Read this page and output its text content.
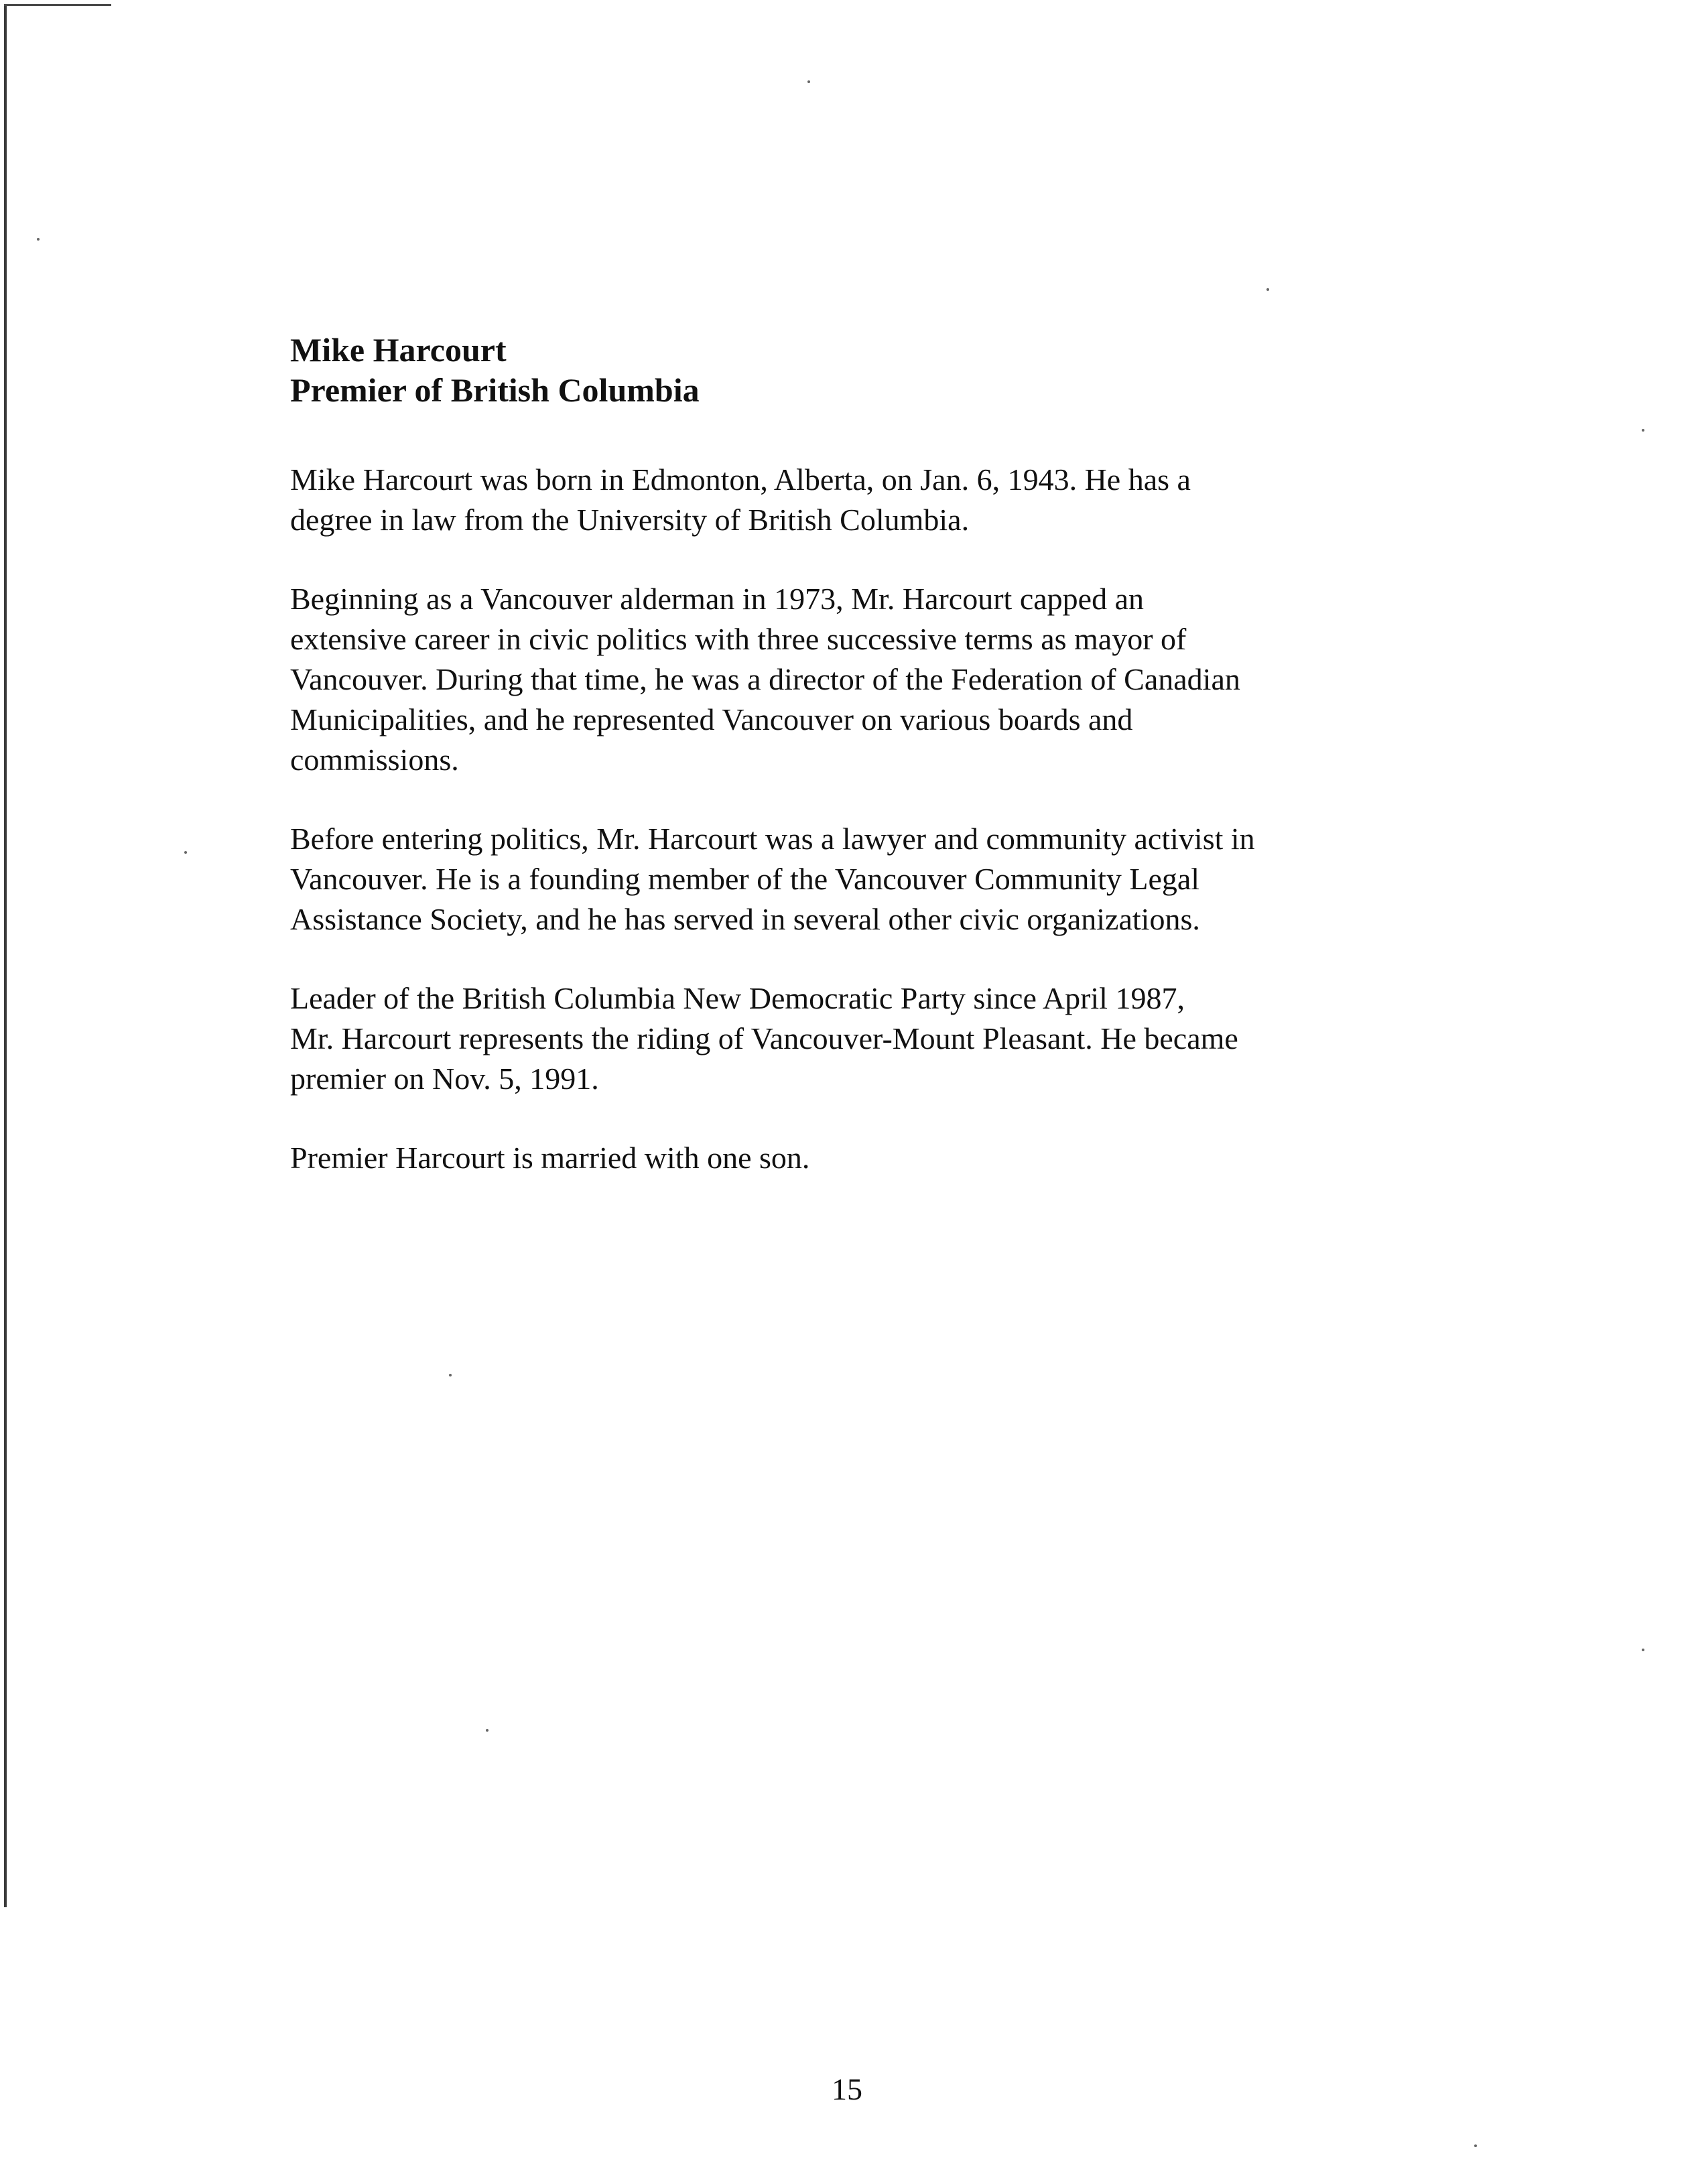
Mike Harcourt
Premier of British Columbia

Mike Harcourt was born in Edmonton, Alberta, on Jan. 6, 1943. He has a
degree in law from the University of British Columbia.

Beginning as a Vancouver alderman in 1973, Mr. Harcourt capped an
extensive career in civic politics with three successive terms as mayor of
Vancouver. During that time, he was a director of the Federation of Canadian
Municipalities, and he represented Vancouver on various boards and
commissions.

Before entering politics, Mr. Harcourt was a lawyer and community activist in
Vancouver. He is a founding member of the Vancouver Community Legal
Assistance Society, and he has served in several other civic organizations.

Leader of the British Columbia New Democratic Party since April 1987,
Mr. Harcourt represents the riding of Vancouver-Mount Pleasant. He became
premier on Nov. 5, 1991.

Premier Harcourt is married with one son.

15
